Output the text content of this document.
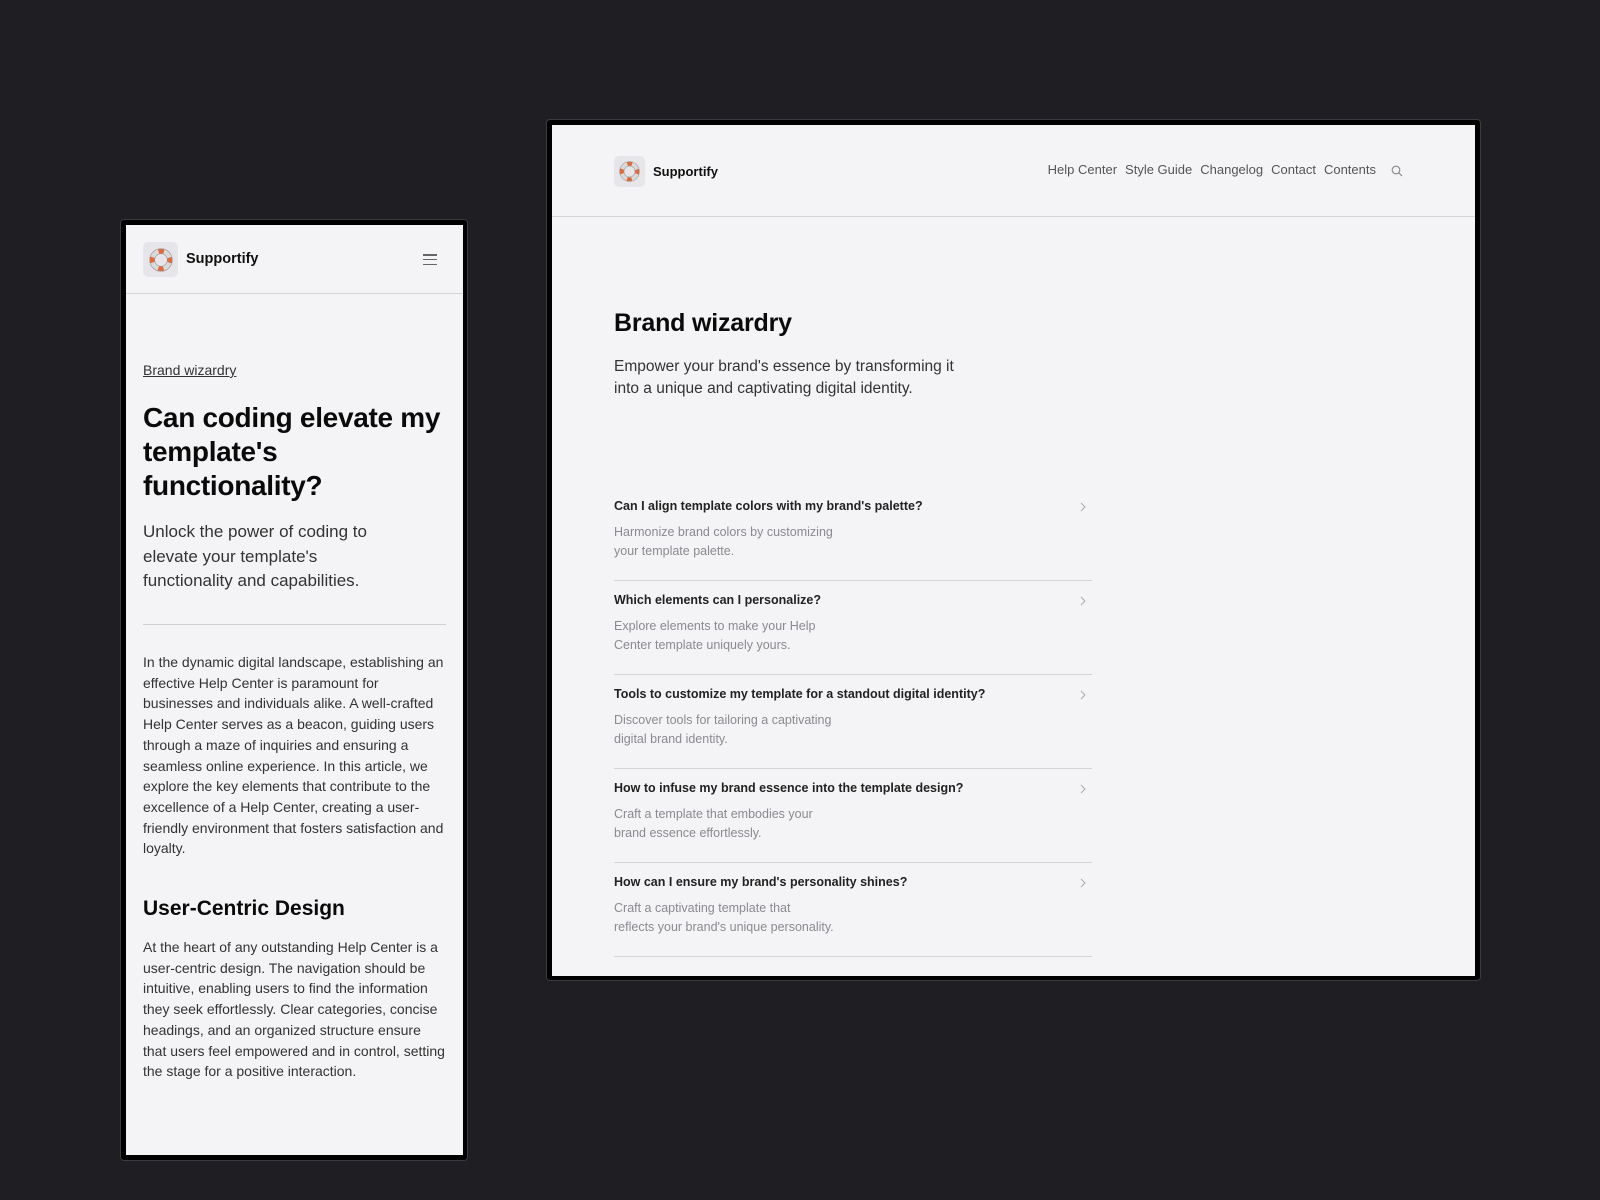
Supportify
Brand wizardry
Can coding elevate my template's functionality?

Unlock the power of coding to elevate your template's functionality and capabilities.

In the dynamic digital landscape, establishing an effective Help Center is paramount for businesses and individuals alike. A well-crafted Help Center serves as a beacon, guiding users through a maze of inquiries and ensuring a seamless online experience. In this article, we explore the key elements that contribute to the excellence of a Help Center, creating a user-friendly environment that fosters satisfaction and loyalty.

User-Centric Design

At the heart of any outstanding Help Center is a user-centric design. The navigation should be intuitive, enabling users to find the information they seek effortlessly. Clear categories, concise headings, and an organized structure ensure that users feel empowered and in control, setting the stage for a positive interaction.

Supportify	Help Center Style Guide Changelog Contact Contents
Brand wizardry

Empower your brand's essence by transforming it into a unique and captivating digital identity.

Can I align template colors with my brand's palette?
Harmonize brand colors by customizing your template palette.
Which elements can I personalize?
Explore elements to make your Help Center template uniquely yours.
Tools to customize my template for a standout digital identity?
Discover tools for tailoring a captivating digital brand identity.
How to infuse my brand essence into the template design?
Craft a template that embodies your brand essence effortlessly.
How can I ensure my brand's personality shines?
Craft a captivating template that reflects your brand's unique personality.
